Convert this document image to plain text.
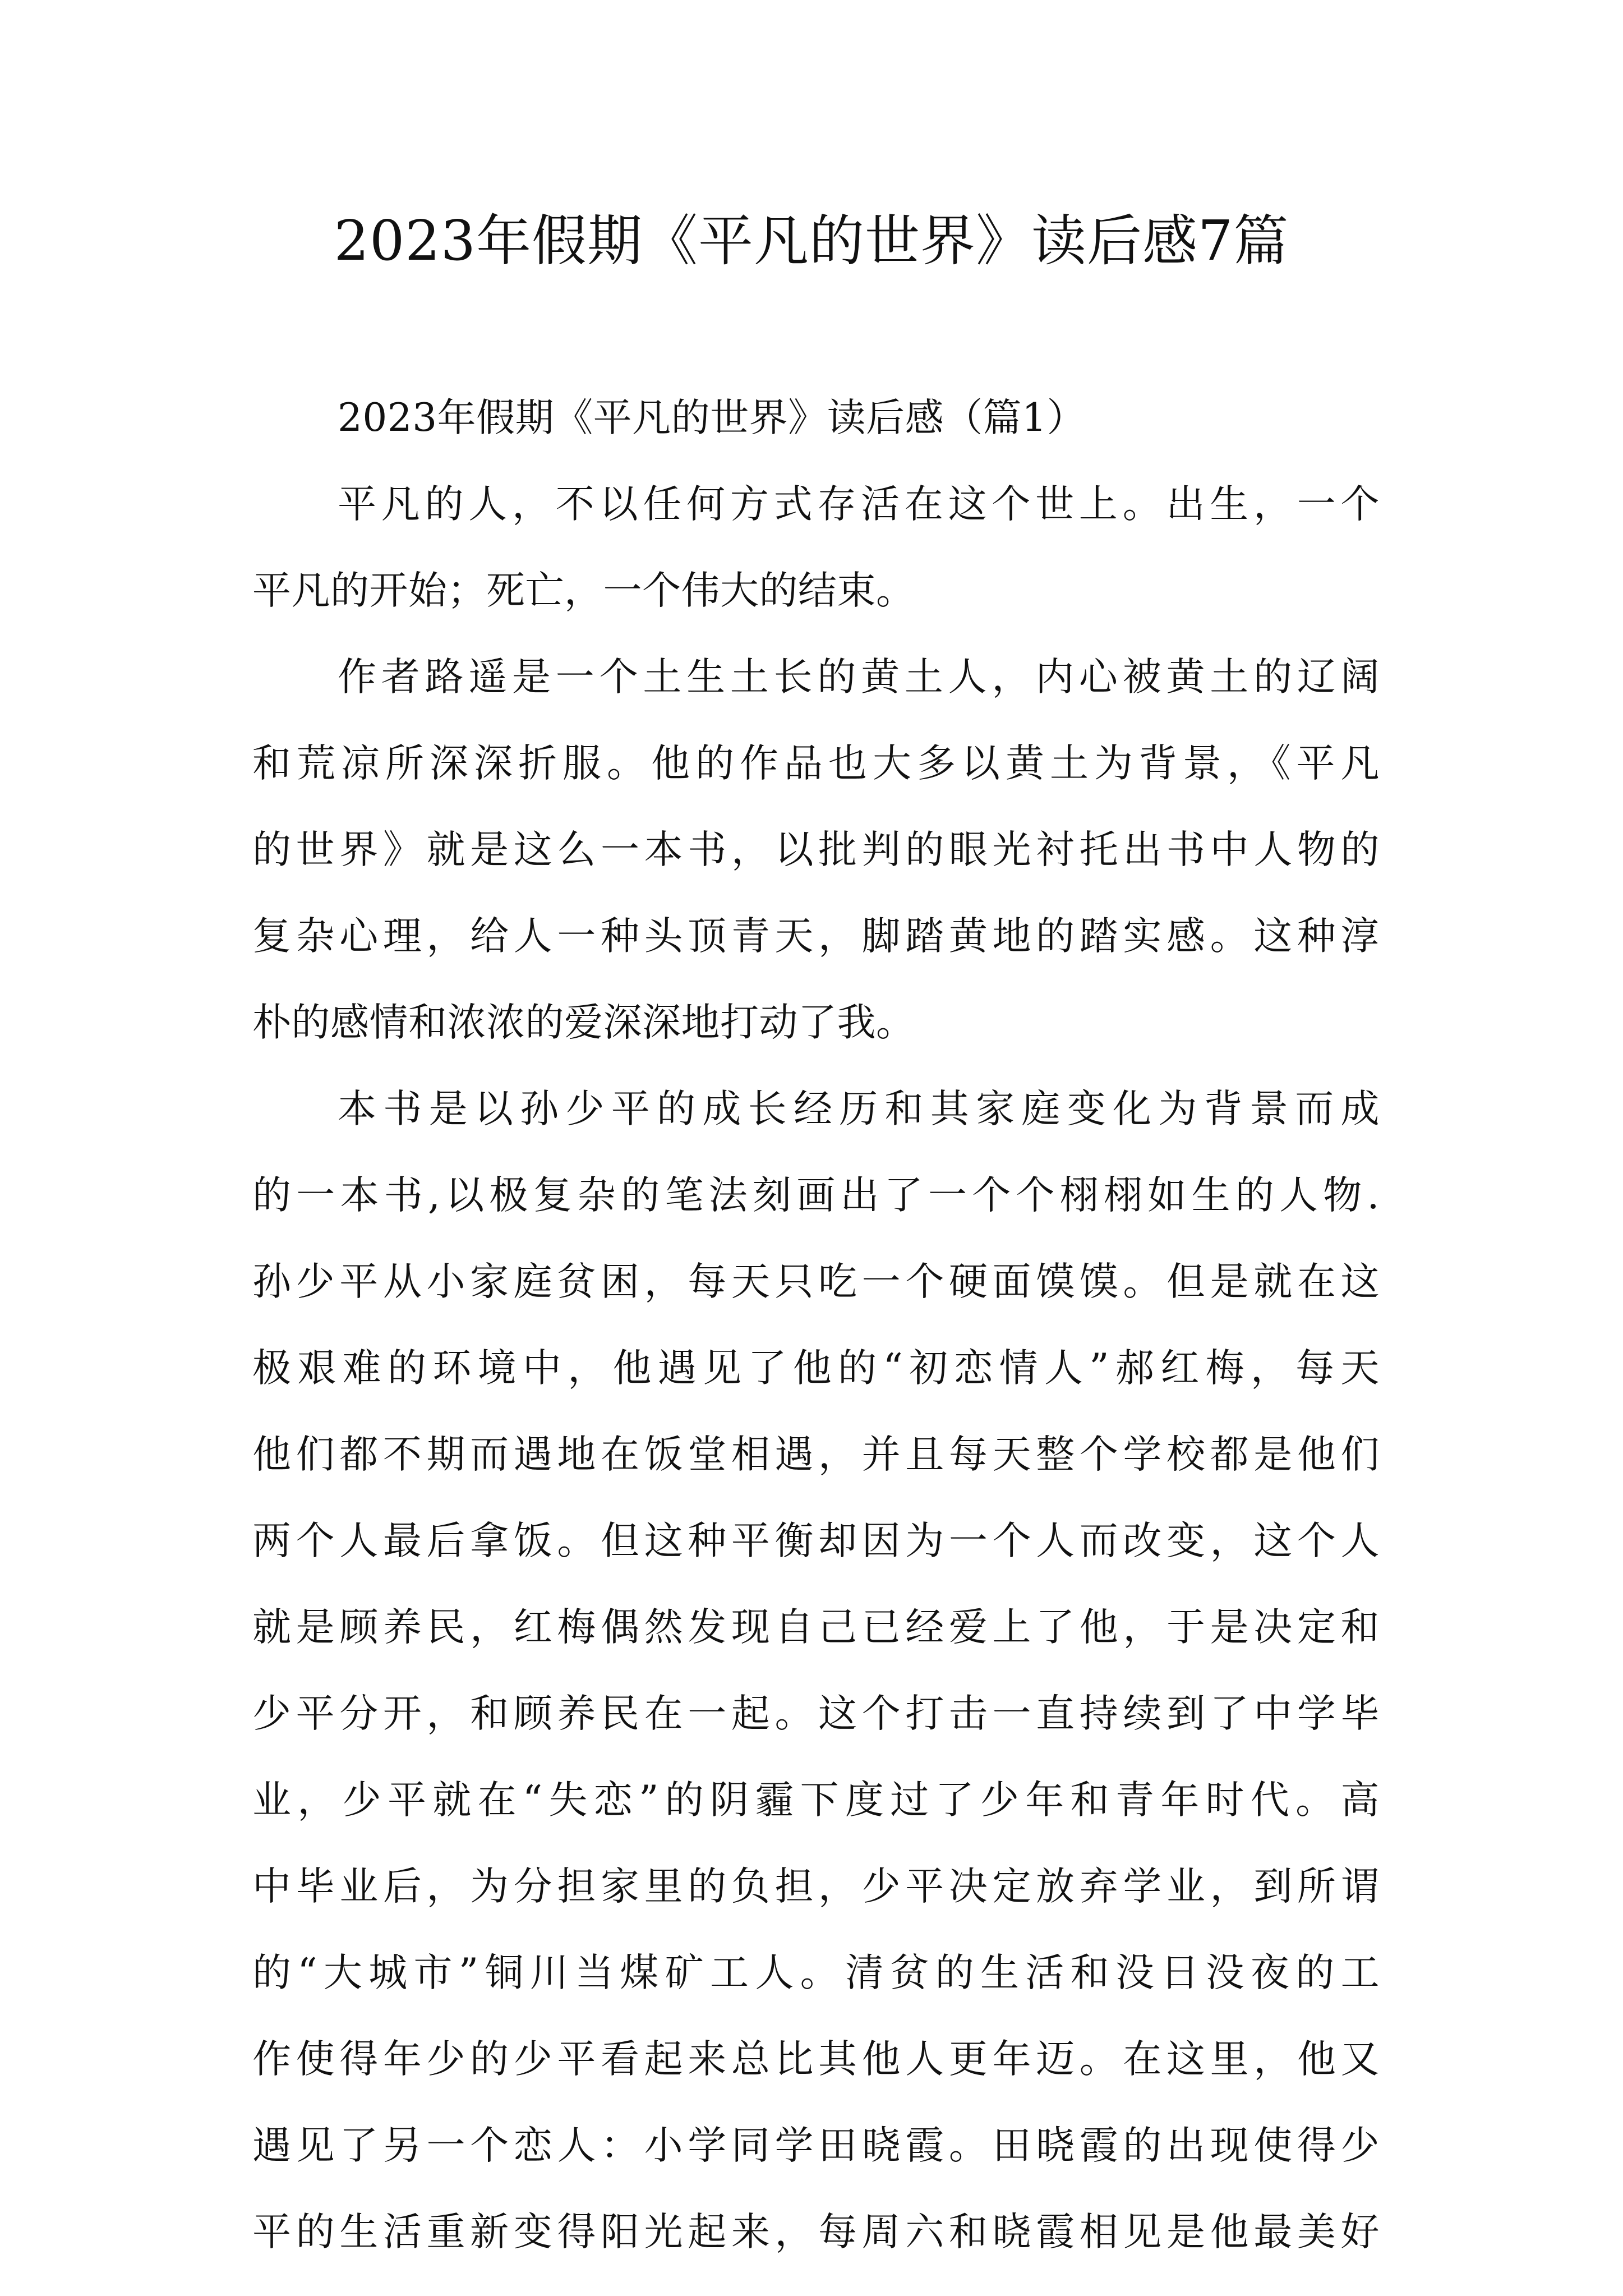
2023年假期《平凡的世界》读后感7篇
2023年假期《平凡的世界》读后感（篇1）
平凡的人，不以任何方式存活在这个世上。出生，一个
平凡的开始；死亡，一个伟大的结束。
作者路遥是一个土生土长的黄土人，内心被黄土的辽阔
和荒凉所深深折服。他的作品也大多以黄土为背景，《平凡
的世界》就是这么一本书，以批判的眼光衬托出书中人物的
复杂心理，给人一种头顶青天，脚踏黄地的踏实感。这种淳
朴的感情和浓浓的爱深深地打动了我。
本书是以孙少平的成长经历和其家庭变化为背景而成
的一本书,以极复杂的笔法刻画出了一个个栩栩如生的人物.
孙少平从小家庭贫困，每天只吃一个硬面馍馍。但是就在这
极艰难的环境中，他遇见了他的“初恋情人”郝红梅，每天
他们都不期而遇地在饭堂相遇，并且每天整个学校都是他们
两个人最后拿饭。但这种平衡却因为一个人而改变，这个人
就是顾养民，红梅偶然发现自己已经爱上了他，于是决定和
少平分开，和顾养民在一起。这个打击一直持续到了中学毕
业，少平就在“失恋”的阴霾下度过了少年和青年时代。高
中毕业后，为分担家里的负担，少平决定放弃学业，到所谓
的“大城市”铜川当煤矿工人。清贫的生活和没日没夜的工
作使得年少的少平看起来总比其他人更年迈。在这里，他又
遇见了另一个恋人：小学同学田晓霞。田晓霞的出现使得少
平的生活重新变得阳光起来，每周六和晓霞相见是他最美好
